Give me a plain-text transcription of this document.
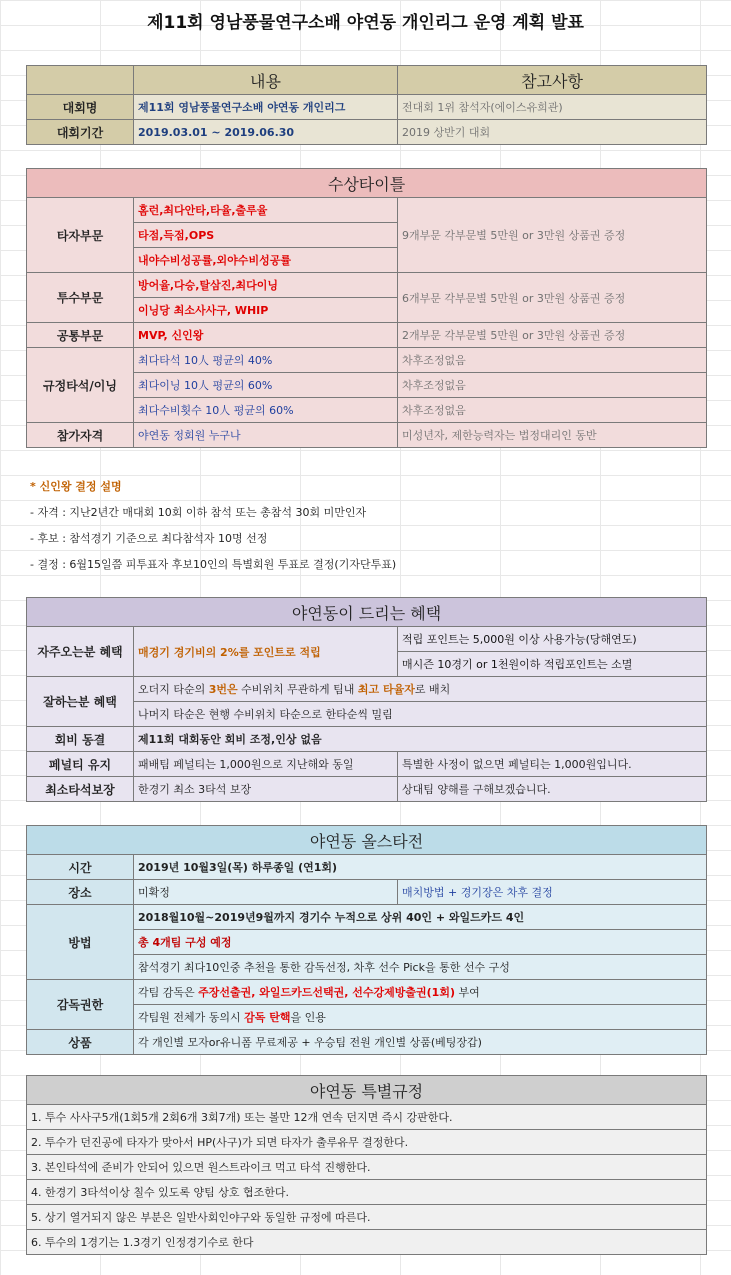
제11회 영남풍물연구소배 야연동 개인리그 운영 계획 발표
	내용	참고사항
대회명	제11회 영남풍물연구소배 야연동 개인리그	전대회 1위 참석자(에이스유희관)
대회기간	2019.03.01 ~ 2019.06.30	2019 상반기 대회
수상타이틀		
타자부문	홈런,최다안타,타율,출루율	9개부문 각부문별 5만원 or 3만원 상품권 증정
	타점,득점,OPS	
	내야수비성공률,외야수비성공률	
투수부문	방어율,다승,탈삼진,최다이닝	6개부문 각부문별 5만원 or 3만원 상품권 증정
	이닝당 최소사사구, WHIP	
공통부문	MVP, 신인왕	2개부문 각부문별 5만원 or 3만원 상품권 증정
규정타석/이닝	최다타석 10人 평균의 40%	차후조정없음
	최다이닝 10人 평균의 60%	차후조정없음
	최다수비횟수 10人 평균의 60%	차후조정없음
참가자격	야연동 정회원 누구나	미성년자, 제한능력자는 법정대리인 동반
* 신인왕 결정 설명
- 자격 : 지난2년간 매대회 10회 이하 참석 또는 총참석 30회 미만인자
- 후보 : 참석경기 기준으로 최다참석자 10명 선정
- 결정 : 6월15일쯤 피투표자 후보10인의 특별회원 투표로 결정(기자단투표)
야연동이 드리는 혜택		
자주오는분 혜택	매경기 경기비의 2%를 포인트로 적립	적립 포인트는 5,000원 이상 사용가능(당해연도)
		매시즌 10경기 or 1천원이하 적립포인트는 소멸
잘하는분 혜택	오더지 타순의 3번은 수비위치 무관하게 팀내 최고 타율자로 배치	
	나머지 타순은 현행 수비위치 타순으로 한타순씩 밀림	
회비 동결	제11회 대회동안 회비 조정,인상 없음	
페널티 유지	패배팀 페널티는 1,000원으로 지난해와 동일	특별한 사정이 없으면 페널티는 1,000원입니다.
최소타석보장	한경기 최소 3타석 보장	상대팀 양해를 구해보겠습니다.
야연동 올스타전		
시간	2019년 10월3일(목) 하루종일 (연1회)	
장소	미확정	매치방법 + 경기장은 차후 결정
방법	2018월10월~2019년9월까지 경기수 누적으로 상위 40인 + 와일드카드 4인	
	총 4개팀 구성 예정	
	참석경기 최다10인중 추천을 통한 감독선정, 차후 선수 Pick을 통한 선수 구성	
감독권한	각팀 감독은 주장선출권, 와일드카드선택권, 선수강제방출권(1회) 부여	
	각팀원 전체가 동의시 감독 탄핵을 인용	
상품	각 개인별 모자or유니폼 무료제공 + 우승팀 전원 개인별 상품(베팅장갑)	
야연동 특별규정
1. 투수 사사구5개(1회5개 2회6개 3회7개) 또는 볼만 12개 연속 던지면 즉시 강판한다.
2. 투수가 던진공에 타자가 맞아서 HP(사구)가 되면 타자가 출루유무 결정한다.
3. 본인타석에 준비가 안되어 있으면 원스트라이크 먹고 타석 진행한다.
4. 한경기 3타석이상 칠수 있도록 양팀 상호 협조한다.
5. 상기 열거되지 않은 부분은 일반사회인야구와 동일한 규정에 따른다.
6. 투수의 1경기는 1.3경기 인정경기수로 한다
